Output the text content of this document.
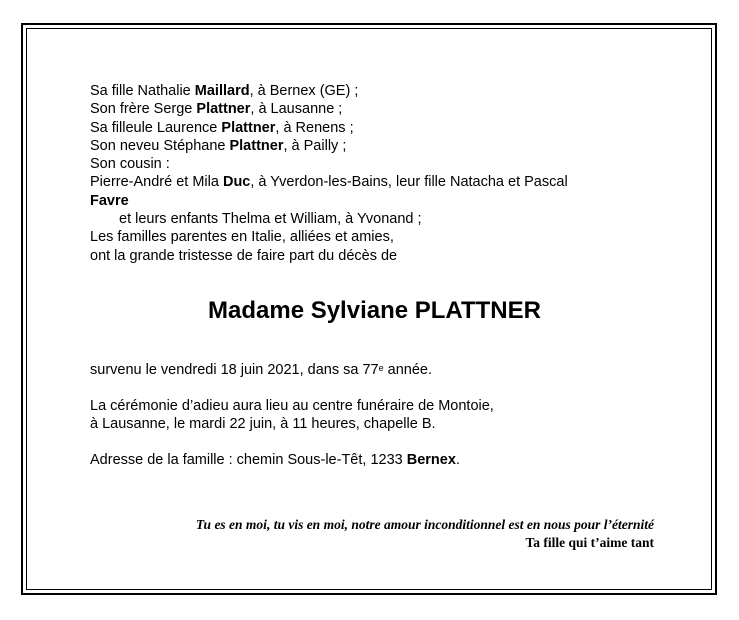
Sa fille Nathalie Maillard, à Bernex (GE) ;
Son frère Serge Plattner, à Lausanne ;
Sa filleule Laurence Plattner, à Renens ;
Son neveu Stéphane Plattner, à Pailly ;
Son cousin :
Pierre-André et Mila Duc, à Yverdon-les-Bains, leur fille Natacha et Pascal
Favre
et leurs enfants Thelma et William, à Yvonand ;
Les familles parentes en Italie, alliées et amies,
ont la grande tristesse de faire part du décès de
Madame Sylviane PLATTNER
survenu le vendredi 18 juin 2021, dans sa 77e année.
La cérémonie d’adieu aura lieu au centre funéraire de Montoie,
à Lausanne, le mardi 22 juin, à 11 heures, chapelle B.
Adresse de la famille : chemin Sous-le-Têt, 1233 Bernex.
Tu es en moi, tu vis en moi, notre amour inconditionnel est en nous pour l’éternité
Ta fille qui t’aime tant
